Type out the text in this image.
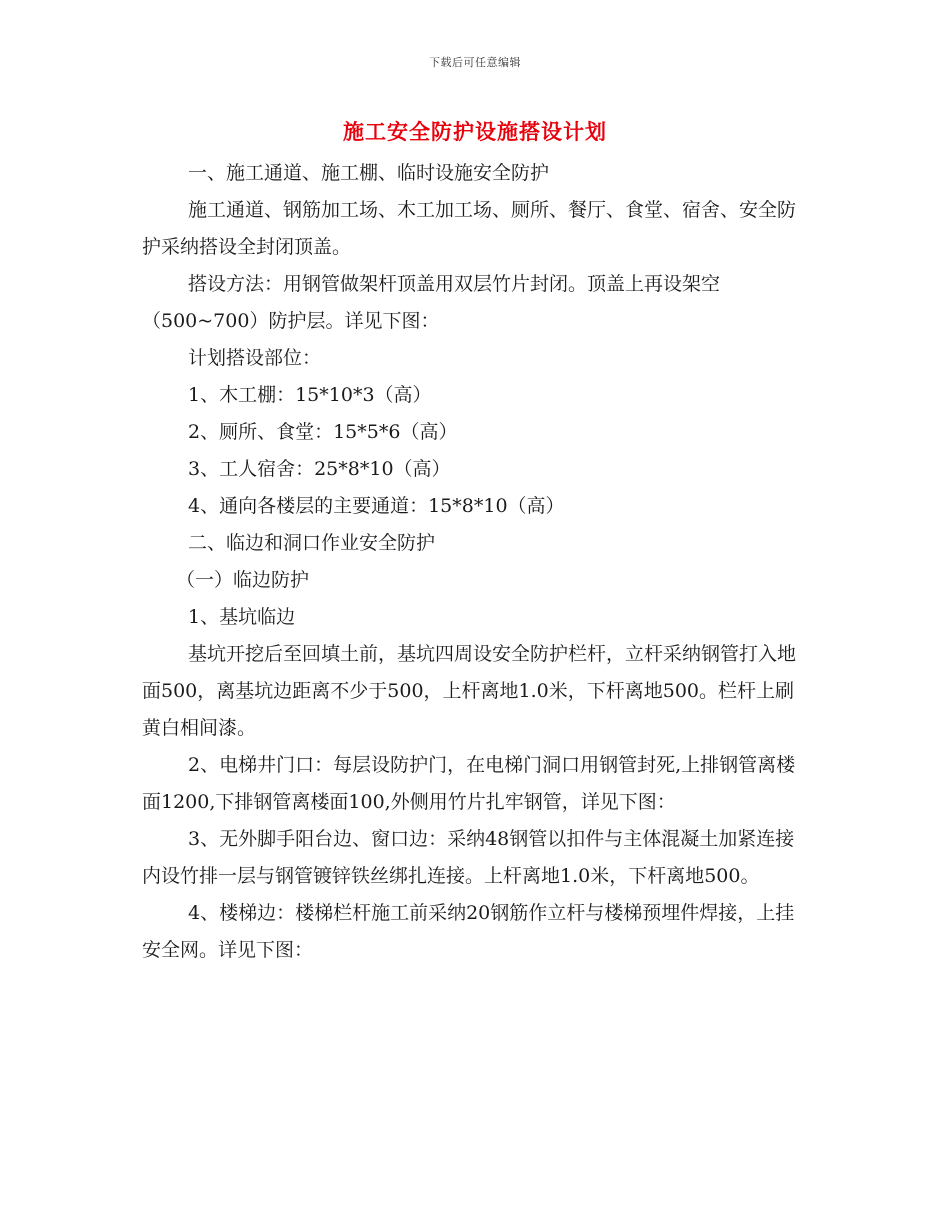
下载后可任意编辑
施工安全防护设施搭设计划

一、施工通道、施工棚、临时设施安全防护

施工通道、钢筋加工场、木工加工场、厕所、餐厅、食堂、宿舍、安全防护采纳搭设全封闭顶盖。

搭设方法：用钢管做架杆顶盖用双层竹片封闭。顶盖上再设架空（500~700）防护层。详见下图：

计划搭设部位：

1、木工棚：15*10*3（高）

2、厕所、食堂：15*5*6（高）

3、工人宿舍：25*8*10（高）

4、通向各楼层的主要通道：15*8*10（高）

二、临边和洞口作业安全防护

（一）临边防护

1、基坑临边

基坑开挖后至回填土前，基坑四周设安全防护栏杆，立杆采纳钢管打入地面500，离基坑边距离不少于500，上杆离地1.0米，下杆离地500。栏杆上刷黄白相间漆。

2、电梯井门口：每层设防护门，在电梯门洞口用钢管封死,上排钢管离楼面1200,下排钢管离楼面100,外侧用竹片扎牢钢管，详见下图：

3、无外脚手阳台边、窗口边：采纳48钢管以扣件与主体混凝土加紧连接内设竹排一层与钢管镀锌铁丝绑扎连接。上杆离地1.0米，下杆离地500。

4、楼梯边：楼梯栏杆施工前采纳20钢筋作立杆与楼梯预埋件焊接，上挂安全网。详见下图：
